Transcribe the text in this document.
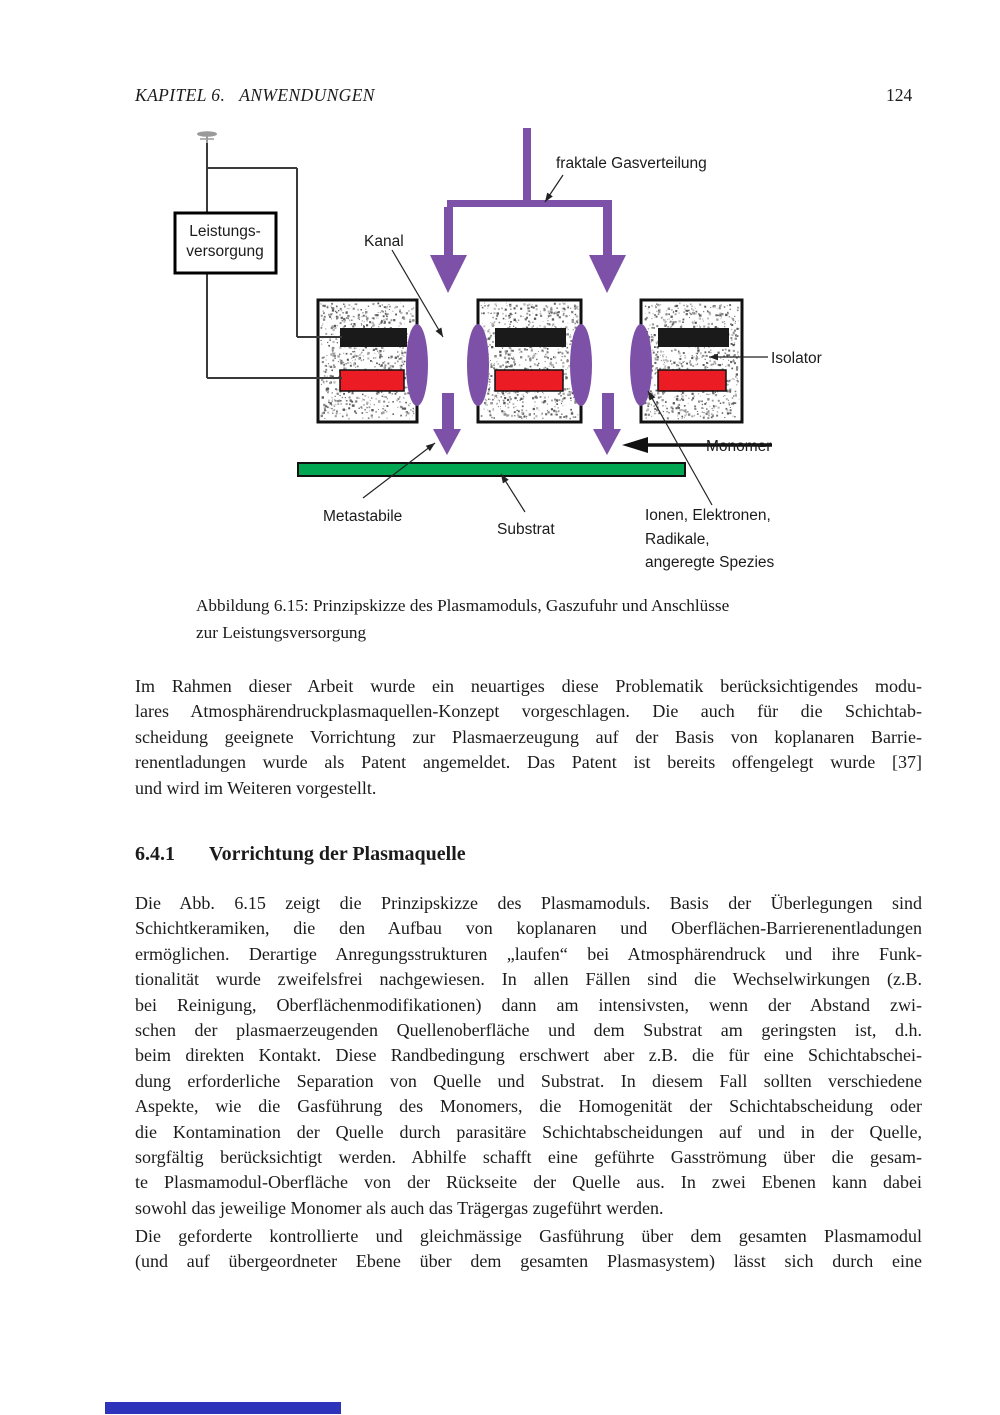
KAPITEL 6.   ANWENDUNGEN	124
Leistungs-
versorgung
fraktale Gasverteilung
Kanal
Isolator
Monomer
Metastabile
Substrat
Ionen, Elektronen,
Radikale,
angeregte Spezies
Abbildung 6.15: Prinzipskizze des Plasmamoduls, Gaszufuhr und Anschlüsse
zur Leistungsversorgung
6.4.1 Vorrichtung der Plasmaquelle
Im Rahmen dieser Arbeit wurde ein neuartiges diese Problematik berücksichtigendes modu-
lares Atmosphärendruckplasmaquellen-Konzept vorgeschlagen. Die auch für die Schichtab-
scheidung geeignete Vorrichtung zur Plasmaerzeugung auf der Basis von koplanaren Barrie-
renentladungen wurde als Patent angemeldet. Das Patent ist bereits offengelegt wurde [37]
und wird im Weiteren vorgestellt.
Die Abb. 6.15 zeigt die Prinzipskizze des Plasmamoduls. Basis der Überlegungen sind
Schichtkeramiken, die den Aufbau von koplanaren und Oberflächen-Barrierenentladungen
ermöglichen. Derartige Anregungsstrukturen „laufen“ bei Atmosphärendruck und ihre Funk-
tionalität wurde zweifelsfrei nachgewiesen. In allen Fällen sind die Wechselwirkungen (z.B.
bei Reinigung, Oberflächenmodifikationen) dann am intensivsten, wenn der Abstand zwi-
schen der plasmaerzeugenden Quellenoberfläche und dem Substrat am geringsten ist, d.h.
beim direkten Kontakt. Diese Randbedingung erschwert aber z.B. die für eine Schichtabschei-
dung erforderliche Separation von Quelle und Substrat. In diesem Fall sollten verschiedene
Aspekte, wie die Gasführung des Monomers, die Homogenität der Schichtabscheidung oder
die Kontamination der Quelle durch parasitäre Schichtabscheidungen auf und in der Quelle,
sorgfältig berücksichtigt werden. Abhilfe schafft eine geführte Gasströmung über die gesam-
te Plasmamodul-Oberfläche von der Rückseite der Quelle aus. In zwei Ebenen kann dabei
sowohl das jeweilige Monomer als auch das Trägergas zugeführt werden.
Die geforderte kontrollierte und gleichmässige Gasführung über dem gesamten Plasmamodul
(und auf übergeordneter Ebene über dem gesamten Plasmasystem) lässt sich durch eine
